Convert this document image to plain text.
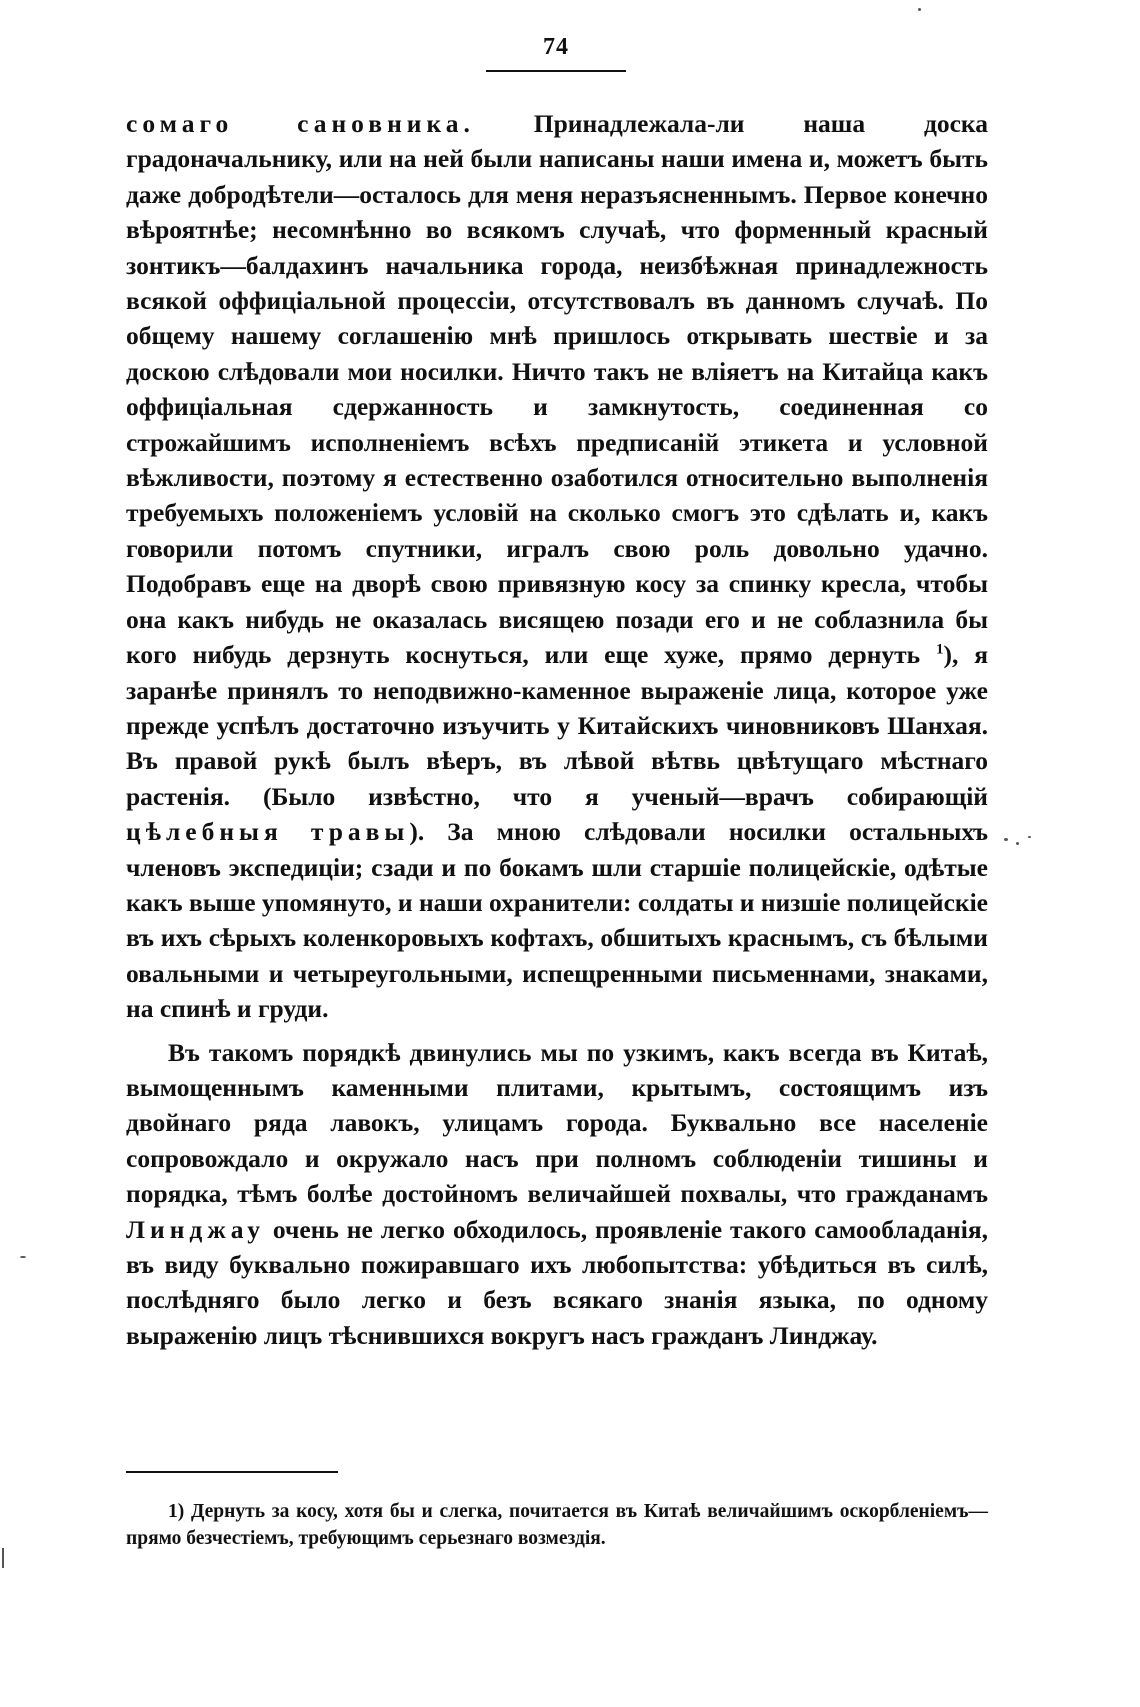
74

сомаго сановника. Принадлежала-ли наша доска градоначальнику, или на ней были написаны наши имена и, можетъ быть даже добродѣтели—осталось для меня неразъясненнымъ. Первое конечно вѣроятнѣе; несомнѣнно во всякомъ случаѣ, что форменный красный зонтикъ—балдахинъ начальника города, неизбѣжная принадлежность всякой оффиціальной процессіи, отсутствовалъ въ данномъ случаѣ. По общему нашему соглашенію мнѣ пришлось открывать шествіе и за доскою слѣдовали мои носилки. Ничто такъ не вліяетъ на Китайца какъ оффиціальная сдержанность и замкнутость, соединенная со строжайшимъ исполненіемъ всѣхъ предписаній этикета и условной вѣжливости, поэтому я естественно озаботился относительно выполненія требуемыхъ положеніемъ условій на сколько смогъ это сдѣлать и, какъ говорили потомъ спутники, игралъ свою роль довольно удачно. Подобравъ еще на дворѣ свою привязную косу за спинку кресла, чтобы она какъ нибудь не оказалась висящею позади его и не соблазнила бы кого нибудь дерзнуть коснуться, или еще хуже, прямо дернуть $^1$), я заранѣе принялъ то неподвижно-каменное выраженіе лица, которое уже прежде успѣлъ достаточно изъучить у Китайскихъ чиновниковъ Шанхая. Въ правой рукѣ былъ вѣеръ, въ лѣвой вѣтвь цвѣтущаго мѣстнаго растенія. (Было извѣстно, что я ученый—врачъ собирающій цѣлебныя травы). За мною слѣдовали носилки остальныхъ членовъ экспедиціи; сзади и по бокамъ шли старшіе полицейскіе, одѣтые какъ выше упомянуто, и наши охранители: солдаты и низшіе полицейскіе въ ихъ сѣрыхъ коленкоровыхъ кофтахъ, обшитыхъ краснымъ, съ бѣлыми овальными и четыреугольными, испещренными письменнами, знаками, на спинѣ и груди.

Въ такомъ порядкѣ двинулись мы по узкимъ, какъ всегда въ Китаѣ, вымощеннымъ каменными плитами, крытымъ, состоящимъ изъ двойнаго ряда лавокъ, улицамъ города. Буквально все населеніе сопровождало и окружало насъ при полномъ соблюденіи тишины и порядка, тѣмъ болѣе достойномъ величайшей похвалы, что гражданамъ Линджау очень не легко обходилось, проявленіе такого самообладанія, въ виду буквально пожиравшаго ихъ любопытства: убѣдиться въ силѣ, послѣдняго было легко и безъ всякаго знанія языка, по одному выраженію лицъ тѣснившихся вокругъ насъ гражданъ Линджау.

1) Дернуть за косу, хотя бы и слегка, почитается въ Китаѣ величайшимъ оскорбленіемъ—прямо безчестіемъ, требующимъ серьезнаго возмездія.
